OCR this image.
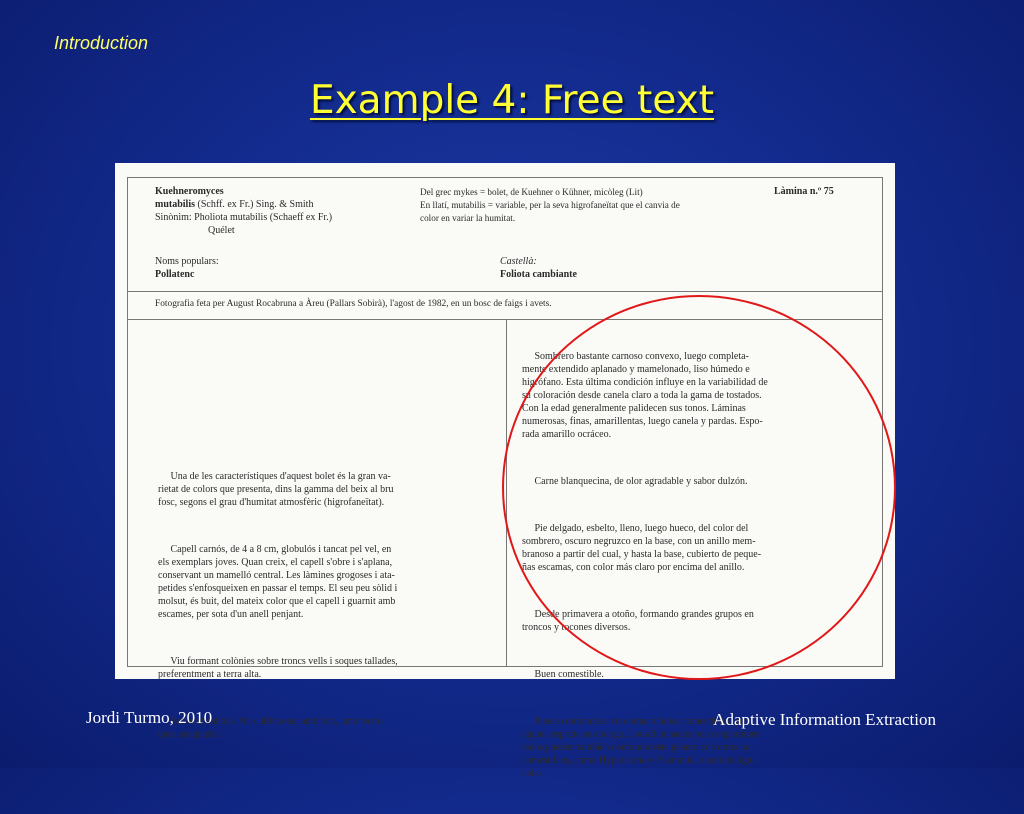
Introduction
Example 4: Free text
Kuehneromyces
mutabilis (Schff. ex Fr.) Sing. & Smith
Sinònim: Pholiota mutabilis (Schaeff ex Fr.)
Quélet
Del grec mykes = bolet, de Kuehner o Kühner, micòleg (Lit)
En llatí, mutabilis = variable, per la seva higrofaneïtat que el canvia de
color en variar la humitat.
Làmina n.º 75
Noms populars:
Pollatenc
Castellà:
Foliota cambiante
Fotografia feta per August Rocabruna a Àreu (Pallars Sobirà), l'agost de 1982, en un bosc de faigs i avets.

Una de les característiques d'aquest bolet és la gran va-
rietat de colors que presenta, dins la gamma del beix al bru
fosc, segons el grau d'humitat atmosfèric (higrofaneïtat).

Capell carnós, de 4 a 8 cm, globulós i tancat pel vel, en
els exemplars joves. Quan creix, el capell s'obre i s'aplana,
conservant un mamelló central. Les làmines grogoses i ata-
petides s'enfosqueixen en passar el temps. El seu peu sòlid i
molsut, és buit, del mateix color que el capell i guarnit amb
escames, per sota d'un anell penjant.

Viu formant colònies sobre troncs vells i soques tallades,
preferentment a terra alta.

Bon comestible. Pot cultivar-se, amb èxit, amb tècni-
ques adequades.

Sombrero bastante carnoso convexo, luego completa-
mente extendido aplanado y mamelonado, liso húmedo e
higrófano. Esta última condición influye en la variabilidad de
su coloración desde canela claro a toda la gama de tostados.
Con la edad generalmente palidecen sus tonos. Láminas
numerosas, finas, amarillentas, luego canela y pardas. Espo-
rada amarillo ocráceo.

Carne blanquecina, de olor agradable y sabor dulzón.

Pie delgado, esbelto, lleno, luego hueco, del color del
sombrero, oscuro negruzco en la base, con un anillo mem-
branoso a partir del cual, y hasta la base, cubierto de peque-
ñas escamas, con color más claro por encima del anillo.

Desde primavera a otoño, formando grandes grupos en
troncos y tocones diversos.

Buen comestible.

Puede confundirse con otras foliotas comestibles, pero
alguna especie es amarga. Los aficionados poco experimen-
tados pueden también confundir este género con otros no
comestibles, como Hypholoma y Flammula, también ligni-
colas.

Jordi Turmo, 2010	Adaptive Information Extraction
